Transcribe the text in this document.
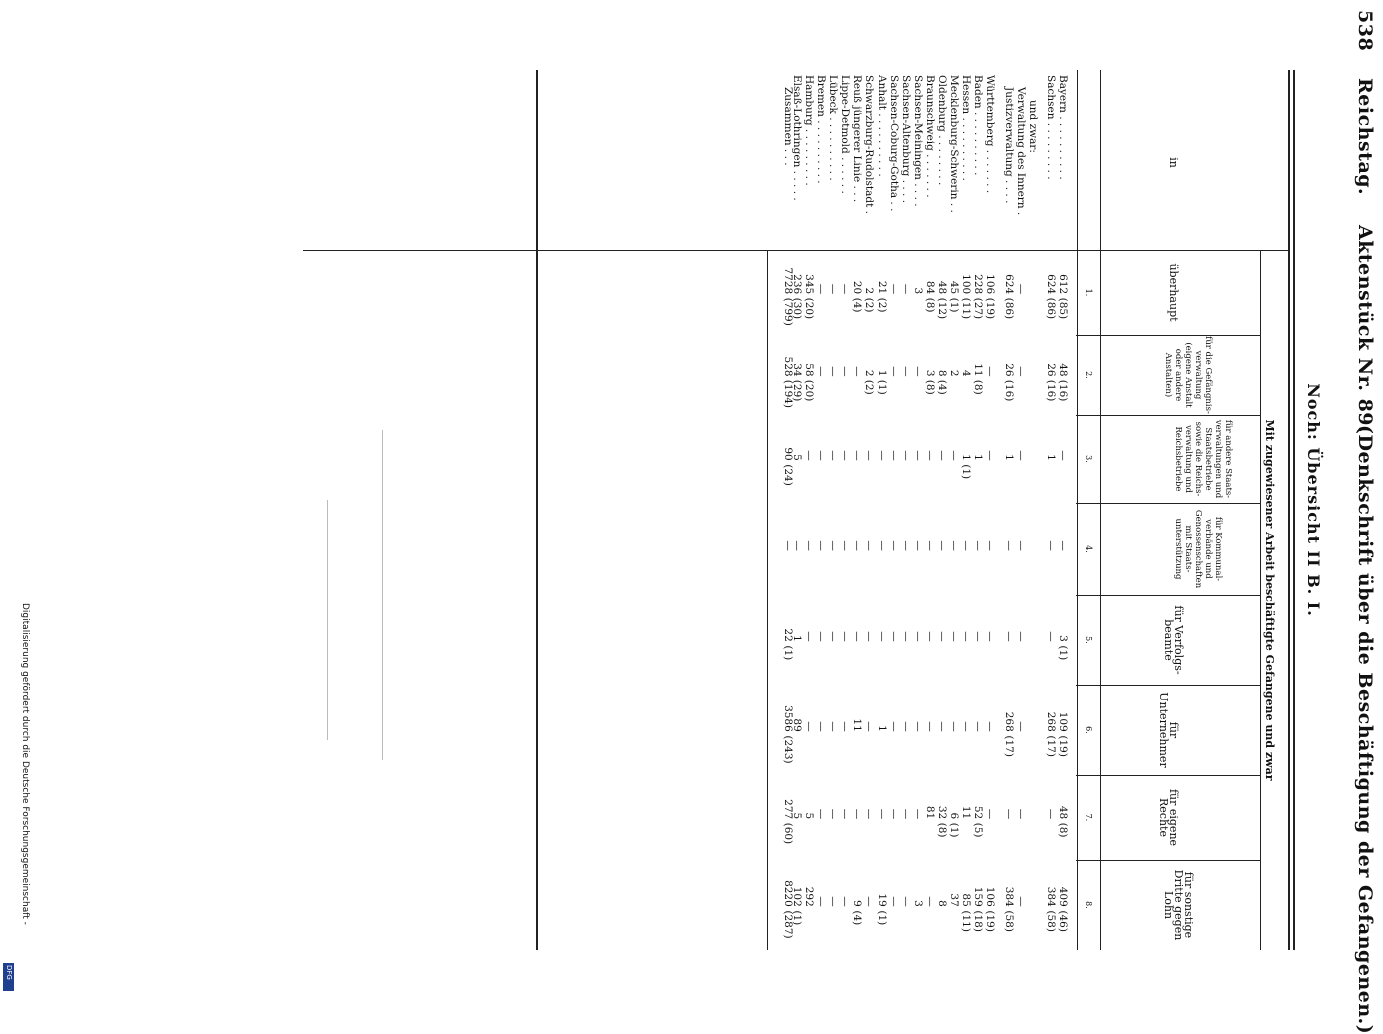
Digitalisierung gefördert durch die Deutsche Forschungsgemeinschaft -
DFG
538
Reichstag.
Aktenstück Nr. 89.
(Denkschrift über die Beschäftigung der Gefangenen.)
Noch: Übersicht II B. I.
Mit zugewiesener Arbeit beschäftigte Gefangene und zwar
in
überhaupt
für die Gefängnis- verwaltung (eigene Anstalt oder andere Anstalten)
für andere Staats- verwaltungen und Staatsbetriebe sowie die Reichs- verwaltung und Reichsbetriebe
für Kommunal- verbände und Genossenschaften mit Staats- unterstützung
für Verfolgs- beamte
für Unternehmer
für eigene Rechte
für sonstige Dritte gegen Lohn
1.
2.
3.
4.
5.
6.
7.
8.
Bayern . . . . . . . . . .
612
(85)
48
(16)
—
—
3
(1)
109
(19)
48
(8)
409
(46)
Sachsen . . . . . . . . .
624
(86)
26
(16)
1
—
—
268
(17)
—
384
(58)
und zwar:
Verwaltung des Innern .
—
—
—
—
—
—
—
—
Justizverwaltung . . . .
624
(86)
26
(16)
1
—
—
268
(17)
—
384
(58)
Württemberg . . . . . . .
106
(19)
—
—
—
—
—
—
106
(19)
Baden . . . . . . . . . .
228
(27)
11
(8)
1
—
—
—
52
(5)
159
(18)
Hessen . . . . . . . . . .
100
(11)
4
1
(1)
—
—
—
11
85
(11)
Mecklenburg-Schwerin . .
45
(1)
2
—
—
—
—
6
(1)
37
Oldenburg . . . . . . . .
48
(12)
8
(4)
—
—
—
—
32
(8)
8
Braunschweig . . . . . . .
84
(8)
3
(8)
—
—
—
—
81
—
Sachsen-Meiningen . . . .
3
—
—
—
—
—
—
3
Sachsen-Altenburg . . . .
—
—
—
—
—
—
—
—
Sachsen-Coburg-Gotha . .
—
—
—
—
—
—
—
—
Anhalt . . . . . . . . . .
21
(2)
1
(1)
—
—
—
1
—
19
(1)
Schwarzburg-Rudolstadt .
2
(2)
2
(2)
—
—
—
—
—
—
Reuß jüngerer Linie . . .
20
(4)
—
—
—
—
11
—
9
(4)
Lippe-Detmold . . . . . .
—
—
—
—
—
—
—
—
Lübeck . . . . . . . . . .
—
—
—
—
—
—
—
—
Bremen . . . . . . . . . .
—
—
—
—
—
—
—
—
Hamburg . . . . . . . . .
345
(20)
58
(20)
—
—
—
—
5
292
Elsaß-Lothringen . . . . .
236
(30)
34
(29)
5
—
1
89
5
102
(1)
Zusammen . . .
7728
(799)
528
(194)
90
(24)
—
22
(1)
3586
(243)
277
(60)
8220
(287)
